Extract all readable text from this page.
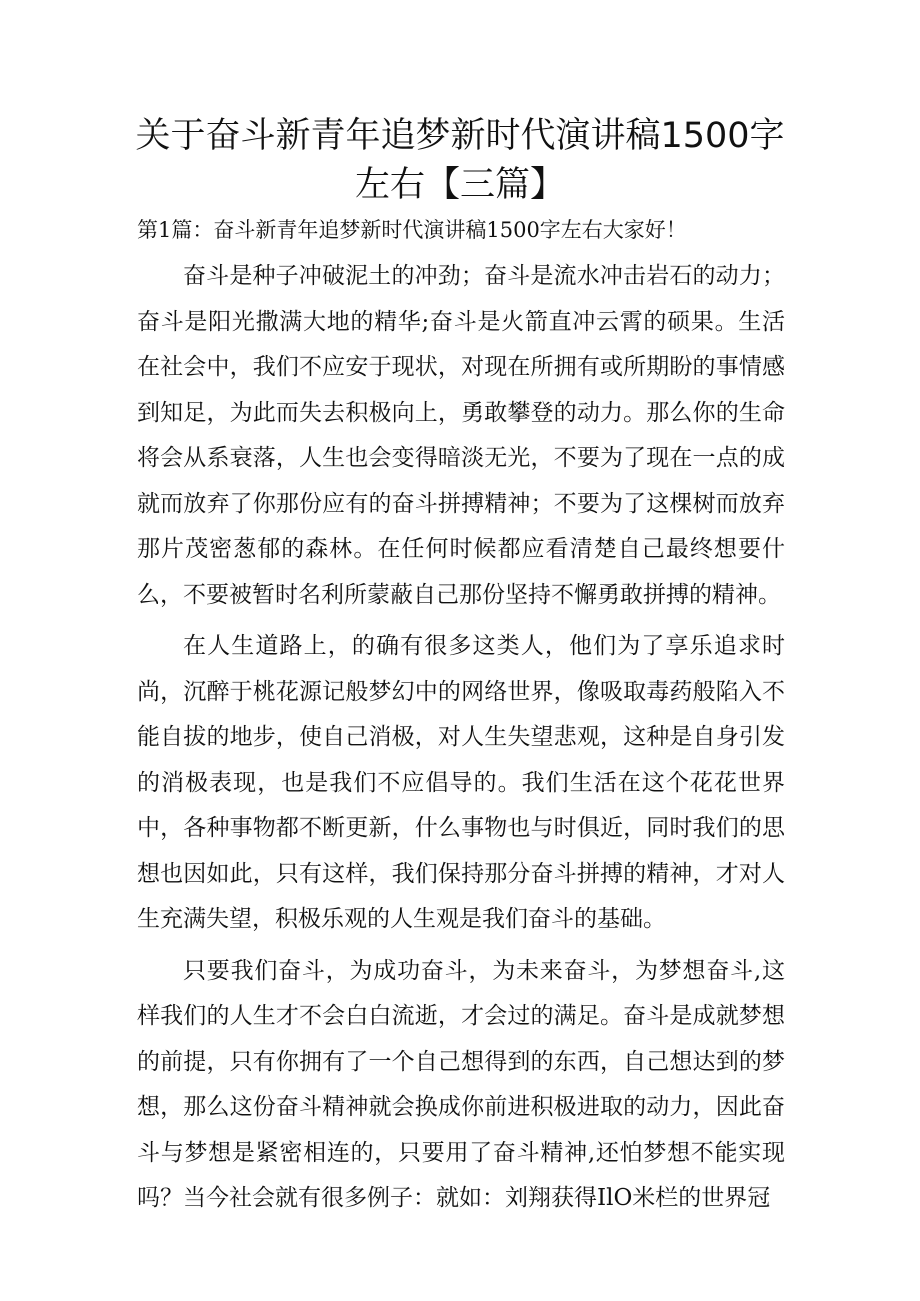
关于奋斗新青年追梦新时代演讲稿1500字左右【三篇】
第1篇：奋斗新青年追梦新时代演讲稿1500字左右大家好！

奋斗是种子冲破泥土的冲劲；奋斗是流水冲击岩石的动力；奋斗是阳光撒满大地的精华;奋斗是火箭直冲云霄的硕果。生活在社会中，我们不应安于现状，对现在所拥有或所期盼的事情感到知足，为此而失去积极向上，勇敢攀登的动力。那么你的生命将会从系衰落，人生也会变得暗淡无光，不要为了现在一点的成就而放弃了你那份应有的奋斗拼搏精神；不要为了这棵树而放弃那片茂密葱郁的森林。在任何时候都应看清楚自己最终想要什么，不要被暂时名利所蒙蔽自己那份坚持不懈勇敢拼搏的精神。

在人生道路上，的确有很多这类人，他们为了享乐追求时尚，沉醉于桃花源记般梦幻中的网络世界，像吸取毒药般陷入不能自拔的地步，使自己消极，对人生失望悲观，这种是自身引发的消极表现，也是我们不应倡导的。我们生活在这个花花世界中，各种事物都不断更新，什么事物也与时俱近，同时我们的思想也因如此，只有这样，我们保持那分奋斗拼搏的精神，才对人生充满失望，积极乐观的人生观是我们奋斗的基础。

只要我们奋斗，为成功奋斗，为未来奋斗，为梦想奋斗,这样我们的人生才不会白白流逝，才会过的满足。奋斗是成就梦想的前提，只有你拥有了一个自己想得到的东西，自己想达到的梦想，那么这份奋斗精神就会换成你前进积极进取的动力，因此奋斗与梦想是紧密相连的，只要用了奋斗精神,还怕梦想不能实现吗？当今社会就有很多例子：就如：刘翔获得IlO米栏的世界冠
